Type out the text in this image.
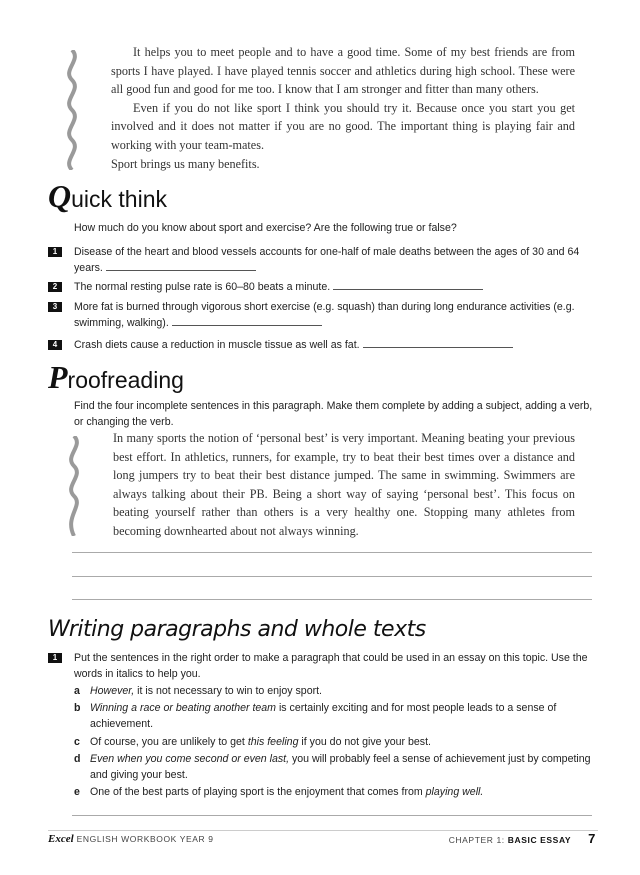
It helps you to meet people and to have a good time. Some of my best friends are from sports I have played. I have played tennis soccer and athletics during high school. These were all good fun and good for me too. I know that I am stronger and fitter than many others.

Even if you do not like sport I think you should try it. Because once you start you get involved and it does not matter if you are no good. The important thing is playing fair and working with your team-mates.

Sport brings us many benefits.

Quick think
How much do you know about sport and exercise? Are the following true or false?
1	Disease of the heart and blood vessels accounts for one-half of male deaths between the ages of 30 and 64 years.
2	The normal resting pulse rate is 60–80 beats a minute.
3	More fat is burned through vigorous short exercise (e.g. squash) than during long endurance activities (e.g. swimming, walking).
4	Crash diets cause a reduction in muscle tissue as well as fat.
Proofreading
Find the four incomplete sentences in this paragraph. Make them complete by adding a subject, adding a verb, or changing the verb.
In many sports the notion of ‘personal best’ is very important. Meaning beating your previous best effort. In athletics, runners, for example, try to beat their best times over a distance and long jumpers try to beat their best distance jumped. The same in swimming. Swimmers are always talking about their PB. Being a short way of saying ‘personal best’. This focus on beating yourself rather than others is a very healthy one. Stopping many athletes from becoming downhearted about not always winning.
Writing paragraphs and whole texts
1	Put the sentences in the right order to make a paragraph that could be used in an essay on this topic. Use the words in italics to help you.
a However, it is not necessary to win to enjoy sport.
b Winning a race or beating another team is certainly exciting and for most people leads to a sense of achievement.
c Of course, you are unlikely to get this feeling if you do not give your best.
d Even when you come second or even last, you will probably feel a sense of achievement just by competing and giving your best.
e One of the best parts of playing sport is the enjoyment that comes from playing well.
Excel ENGLISH WORKBOOK YEAR 9	CHAPTER 1: BASIC ESSAY 7
